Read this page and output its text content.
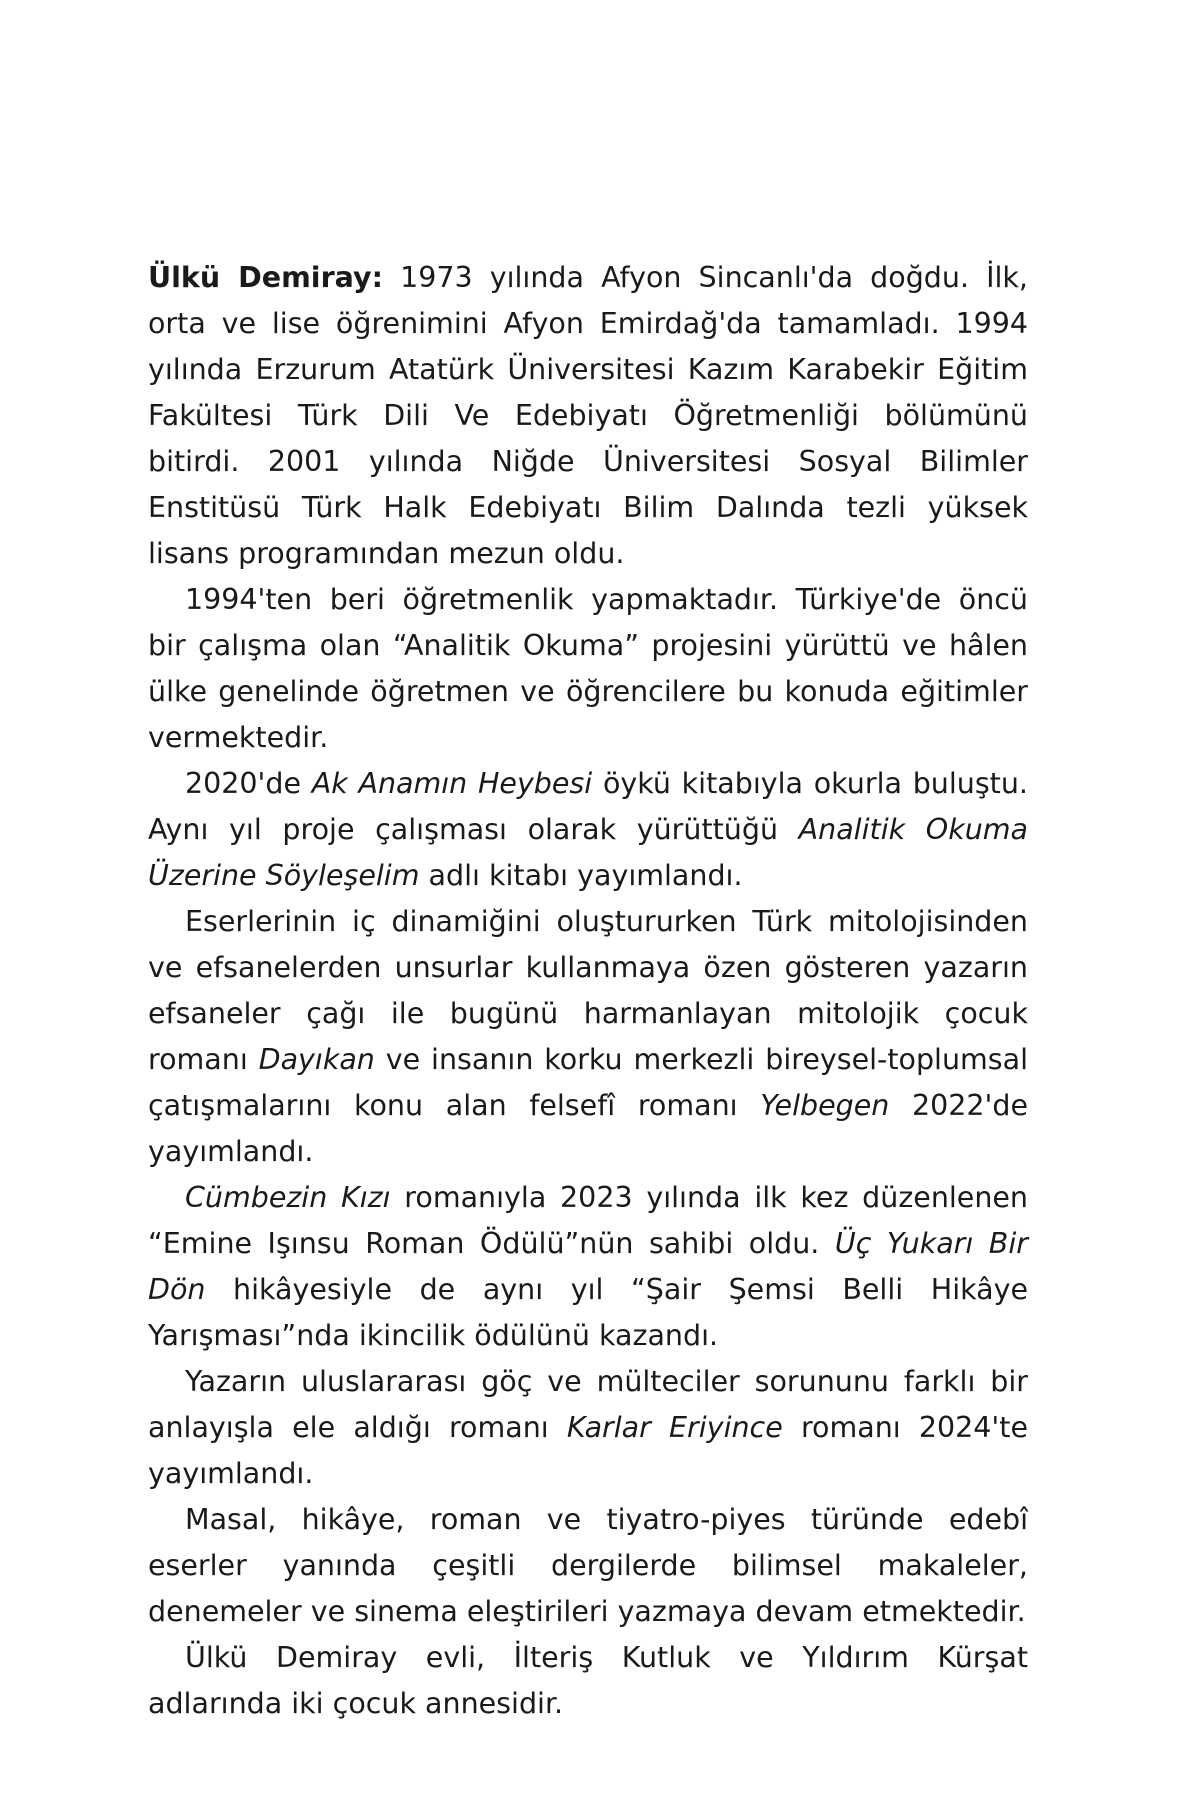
Ülkü Demiray: 1973 yılında Afyon Sincanlı'da doğdu. İlk, orta ve lise öğrenimini Afyon Emirdağ'da tamamladı. 1994 yılında Erzurum Atatürk Üniversitesi Kazım Karabekir Eğitim Fakültesi Türk Dili Ve Edebiyatı Öğretmenliği bölümünü bitirdi. 2001 yılında Niğde Üniversitesi Sosyal Bilimler Enstitüsü Türk Halk Edebiyatı Bilim Dalında tezli yüksek lisans programından mezun oldu.

1994'ten beri öğretmenlik yapmaktadır. Türkiye'de öncü bir çalışma olan “Analitik Okuma” projesini yürüttü ve hâlen ülke genelinde öğretmen ve öğrencilere bu konuda eğitimler vermektedir.

2020'de Ak Anamın Heybesi öykü kitabıyla okurla buluştu. Aynı yıl proje çalışması olarak yürüttüğü Analitik Okuma Üzerine Söyleşelim adlı kitabı yayımlandı.

Eserlerinin iç dinamiğini oluştururken Türk mitolojisinden ve efsanelerden unsurlar kullanmaya özen gösteren yazarın efsaneler çağı ile bugünü harmanlayan mitolojik çocuk romanı Dayıkan ve insanın korku merkezli bireysel-toplumsal çatışmalarını konu alan felsefî romanı Yelbegen 2022'de yayımlandı.

Cümbezin Kızı romanıyla 2023 yılında ilk kez düzenlenen “Emine Işınsu Roman Ödülü”nün sahibi oldu. Üç Yukarı Bir Dön hikâyesiyle de aynı yıl “Şair Şemsi Belli Hikâye Yarışması”nda ikincilik ödülünü kazandı.

Yazarın uluslararası göç ve mülteciler sorununu farklı bir anlayışla ele aldığı romanı Karlar Eriyince romanı 2024'te yayımlandı.

Masal, hikâye, roman ve tiyatro-piyes türünde edebî eserler yanında çeşitli dergilerde bilimsel makaleler, denemeler ve sinema eleştirileri yazmaya devam etmektedir.

Ülkü Demiray evli, İlteriş Kutluk ve Yıldırım Kürşat adlarında iki çocuk annesidir.
